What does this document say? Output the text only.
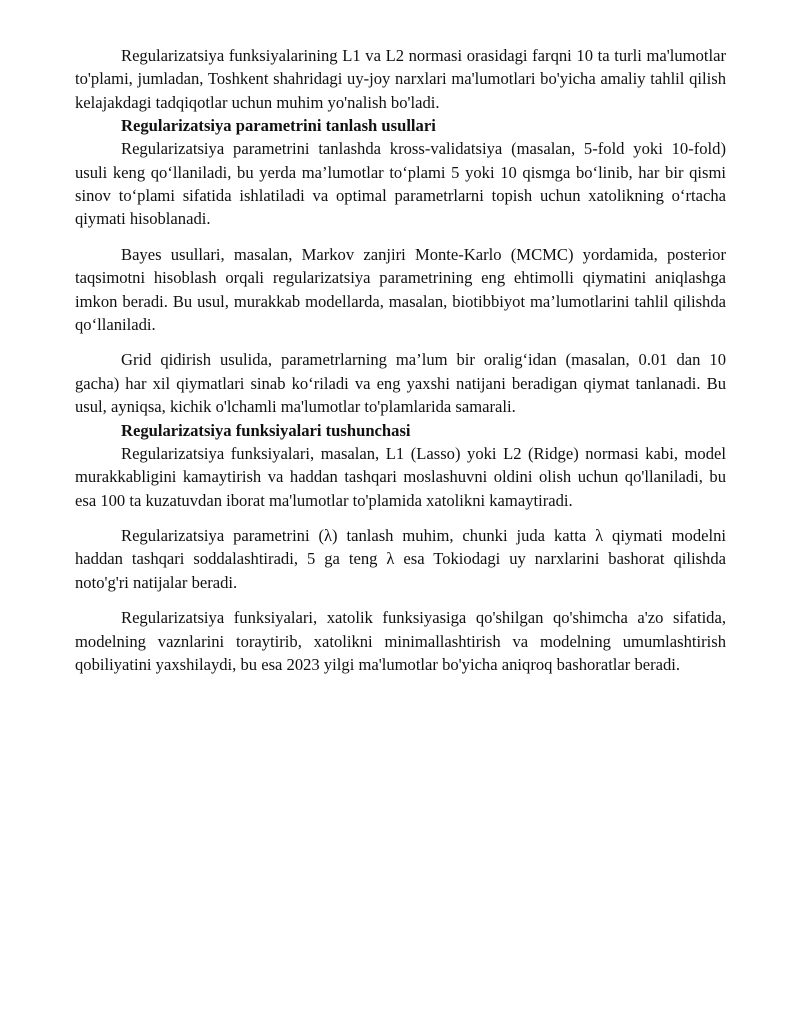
Regularizatsiya funksiyalarining L1 va L2 normasi orasidagi farqni 10 ta turli ma'lumotlar to'plami, jumladan, Toshkent shahridagi uy-joy narxlari ma'lumotlari bo'yicha amaliy tahlil qilish kelajakdagi tadqiqotlar uchun muhim yo'nalish bo'ladi.

Regularizatsiya parametrini tanlash usullari

Regularizatsiya parametrini tanlashda kross-validatsiya (masalan, 5-fold yoki 10-fold) usuli keng qo‘llaniladi, bu yerda ma’lumotlar to‘plami 5 yoki 10 qismga bo‘linib, har bir qismi sinov to‘plami sifatida ishlatiladi va optimal parametrlarni topish uchun xatolikning o‘rtacha qiymati hisoblanadi.

Bayes usullari, masalan, Markov zanjiri Monte-Karlo (MCMC) yordamida, posterior taqsimotni hisoblash orqali regularizatsiya parametrining eng ehtimolli qiymatini aniqlashga imkon beradi. Bu usul, murakkab modellarda, masalan, biotibbiyot ma’lumotlarini tahlil qilishda qo‘llaniladi.

Grid qidirish usulida, parametrlarning ma’lum bir oralig‘idan (masalan, 0.01 dan 10 gacha) har xil qiymatlari sinab ko‘riladi va eng yaxshi natijani beradigan qiymat tanlanadi. Bu usul, ayniqsa, kichik o'lchamli ma'lumotlar to'plamlarida samarali.

Regularizatsiya funksiyalari tushunchasi

Regularizatsiya funksiyalari, masalan, L1 (Lasso) yoki L2 (Ridge) normasi kabi, model murakkabligini kamaytirish va haddan tashqari moslashuvni oldini olish uchun qo'llaniladi, bu esa 100 ta kuzatuvdan iborat ma'lumotlar to'plamida xatolikni kamaytiradi.

Regularizatsiya parametrini (λ) tanlash muhim, chunki juda katta λ qiymati modelni haddan tashqari soddalashtiradi, 5 ga teng λ esa Tokiodagi uy narxlarini bashorat qilishda noto'g'ri natijalar beradi.

Regularizatsiya funksiyalari, xatolik funksiyasiga qo'shilgan qo'shimcha a'zo sifatida, modelning vaznlarini toraytirib, xatolikni minimallashtirish va modelning umumlashtirish qobiliyatini yaxshilaydi, bu esa 2023 yilgi ma'lumotlar bo'yicha aniqroq bashoratlar beradi.
